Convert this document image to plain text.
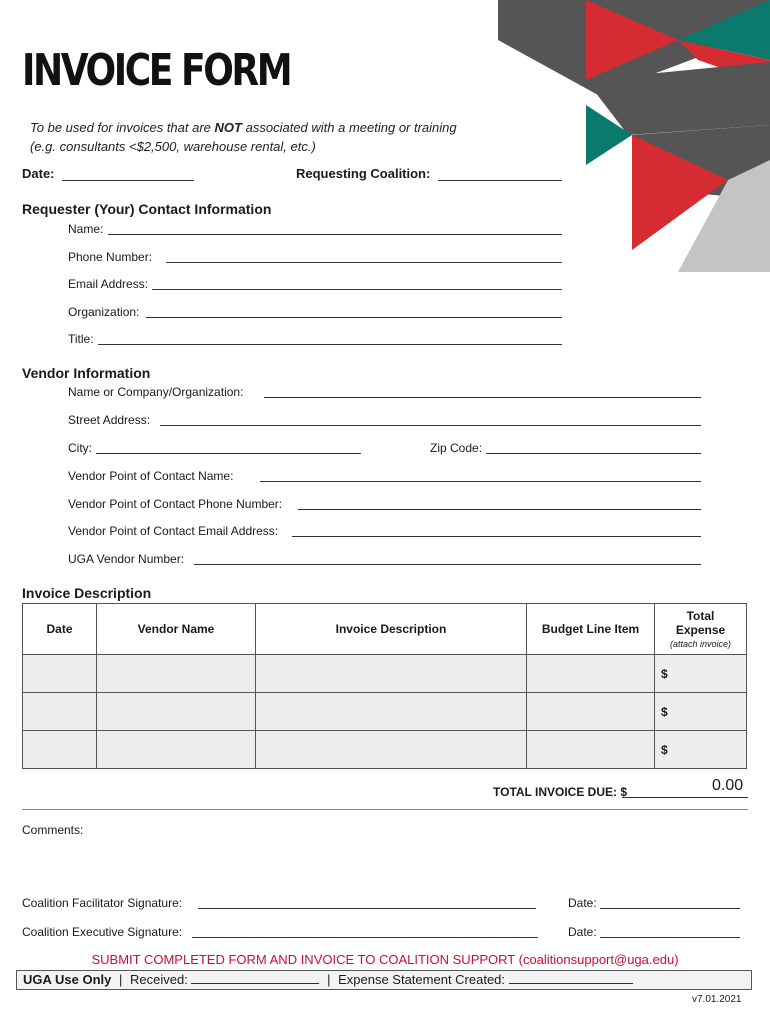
INVOICE FORM
To be used for invoices that are NOT associated with a meeting or training
(e.g. consultants <$2,500, warehouse rental, etc.)
Date:	Requesting Coalition:
Requester (Your) Contact Information
Name:
Phone Number:
Email Address:
Organization:
Title:
Vendor Information
Name or Company/Organization:
Street Address:
City:	Zip Code:
Vendor Point of Contact Name:
Vendor Point of Contact Phone Number:
Vendor Point of Contact Email Address:
UGA Vendor Number:
Invoice Description
Date	Vendor Name	Invoice Description	Budget Line Item	Total
Expense
(attach invoice)

				$
				$
				$
TOTAL INVOICE DUE: $	0.00
Comments:
Coalition Facilitator Signature:	Date:
Coalition Executive Signature:	Date:
SUBMIT COMPLETED FORM AND INVOICE TO COALITION SUPPORT (coalitionsupport@uga.edu)
UGA Use Only | Received:	| Expense Statement Created:
v7.01.2021
